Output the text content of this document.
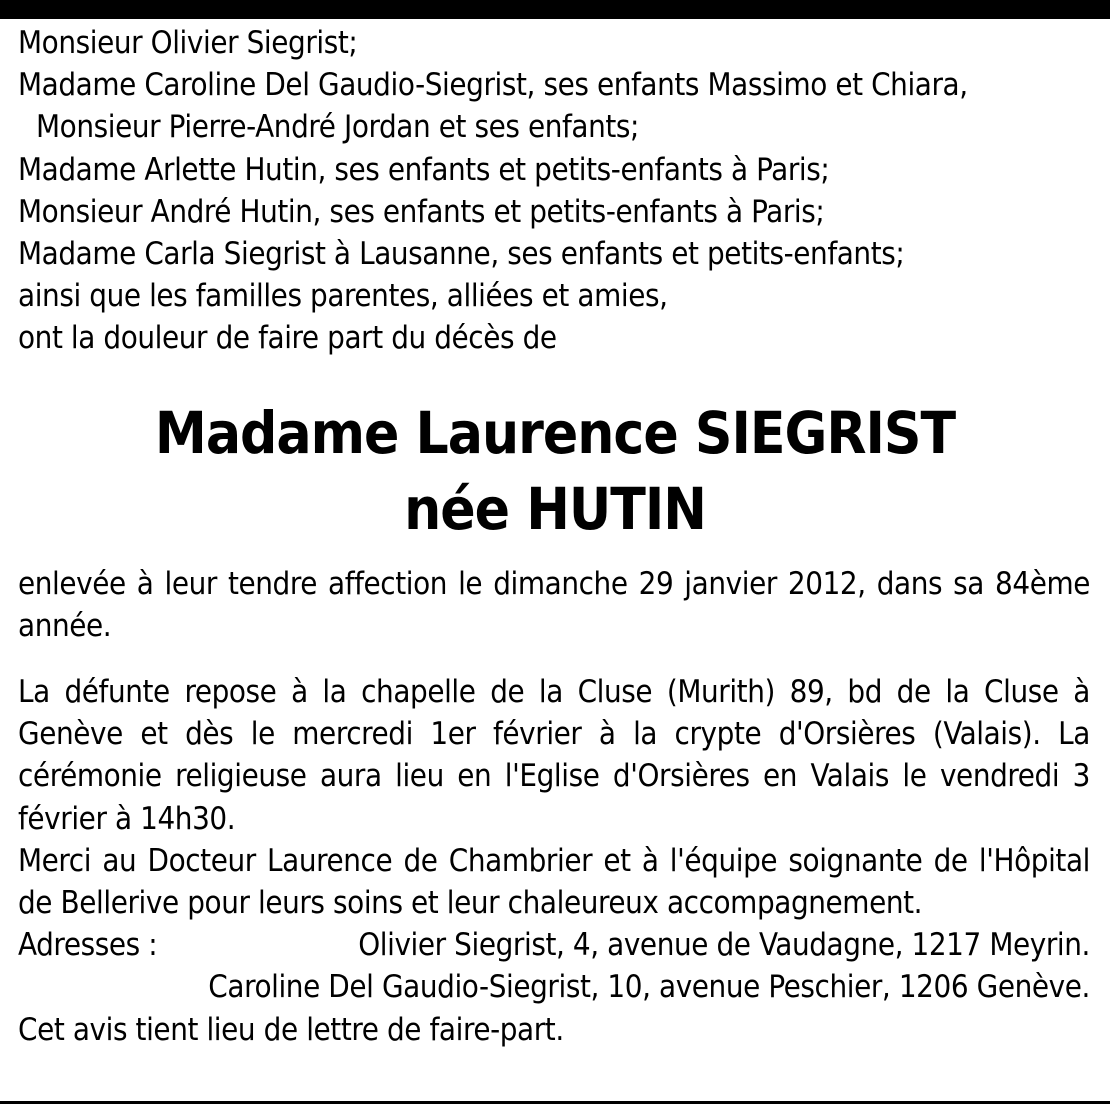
Monsieur Olivier Siegrist;
Madame Caroline Del Gaudio-Siegrist, ses enfants Massimo et Chiara,
Monsieur Pierre-André Jordan et ses enfants;
Madame Arlette Hutin, ses enfants et petits-enfants à Paris;
Monsieur André Hutin, ses enfants et petits-enfants à Paris;
Madame Carla Siegrist à Lausanne, ses enfants et petits-enfants;
ainsi que les familles parentes, alliées et amies,
ont la douleur de faire part du décès de
Madame Laurence SIEGRIST
née HUTIN
enlevée à leur tendre affection le dimanche 29 janvier 2012, dans sa 84ème année.
La défunte repose à la chapelle de la Cluse (Murith) 89, bd de la Cluse à Genève et dès le mercredi 1er février à la crypte d'Orsières (Valais). La cérémonie religieuse aura lieu en l'Eglise d'Orsières en Valais le vendredi 3 février à 14h30.
Merci au Docteur Laurence de Chambrier et à l'équipe soignante de l'Hôpital de Bellerive pour leurs soins et leur chaleureux accompagnement.
Adresses :	Olivier Siegrist, 4, avenue de Vaudagne, 1217 Meyrin.
Caroline Del Gaudio-Siegrist, 10, avenue Peschier, 1206 Genève.
Cet avis tient lieu de lettre de faire-part.
